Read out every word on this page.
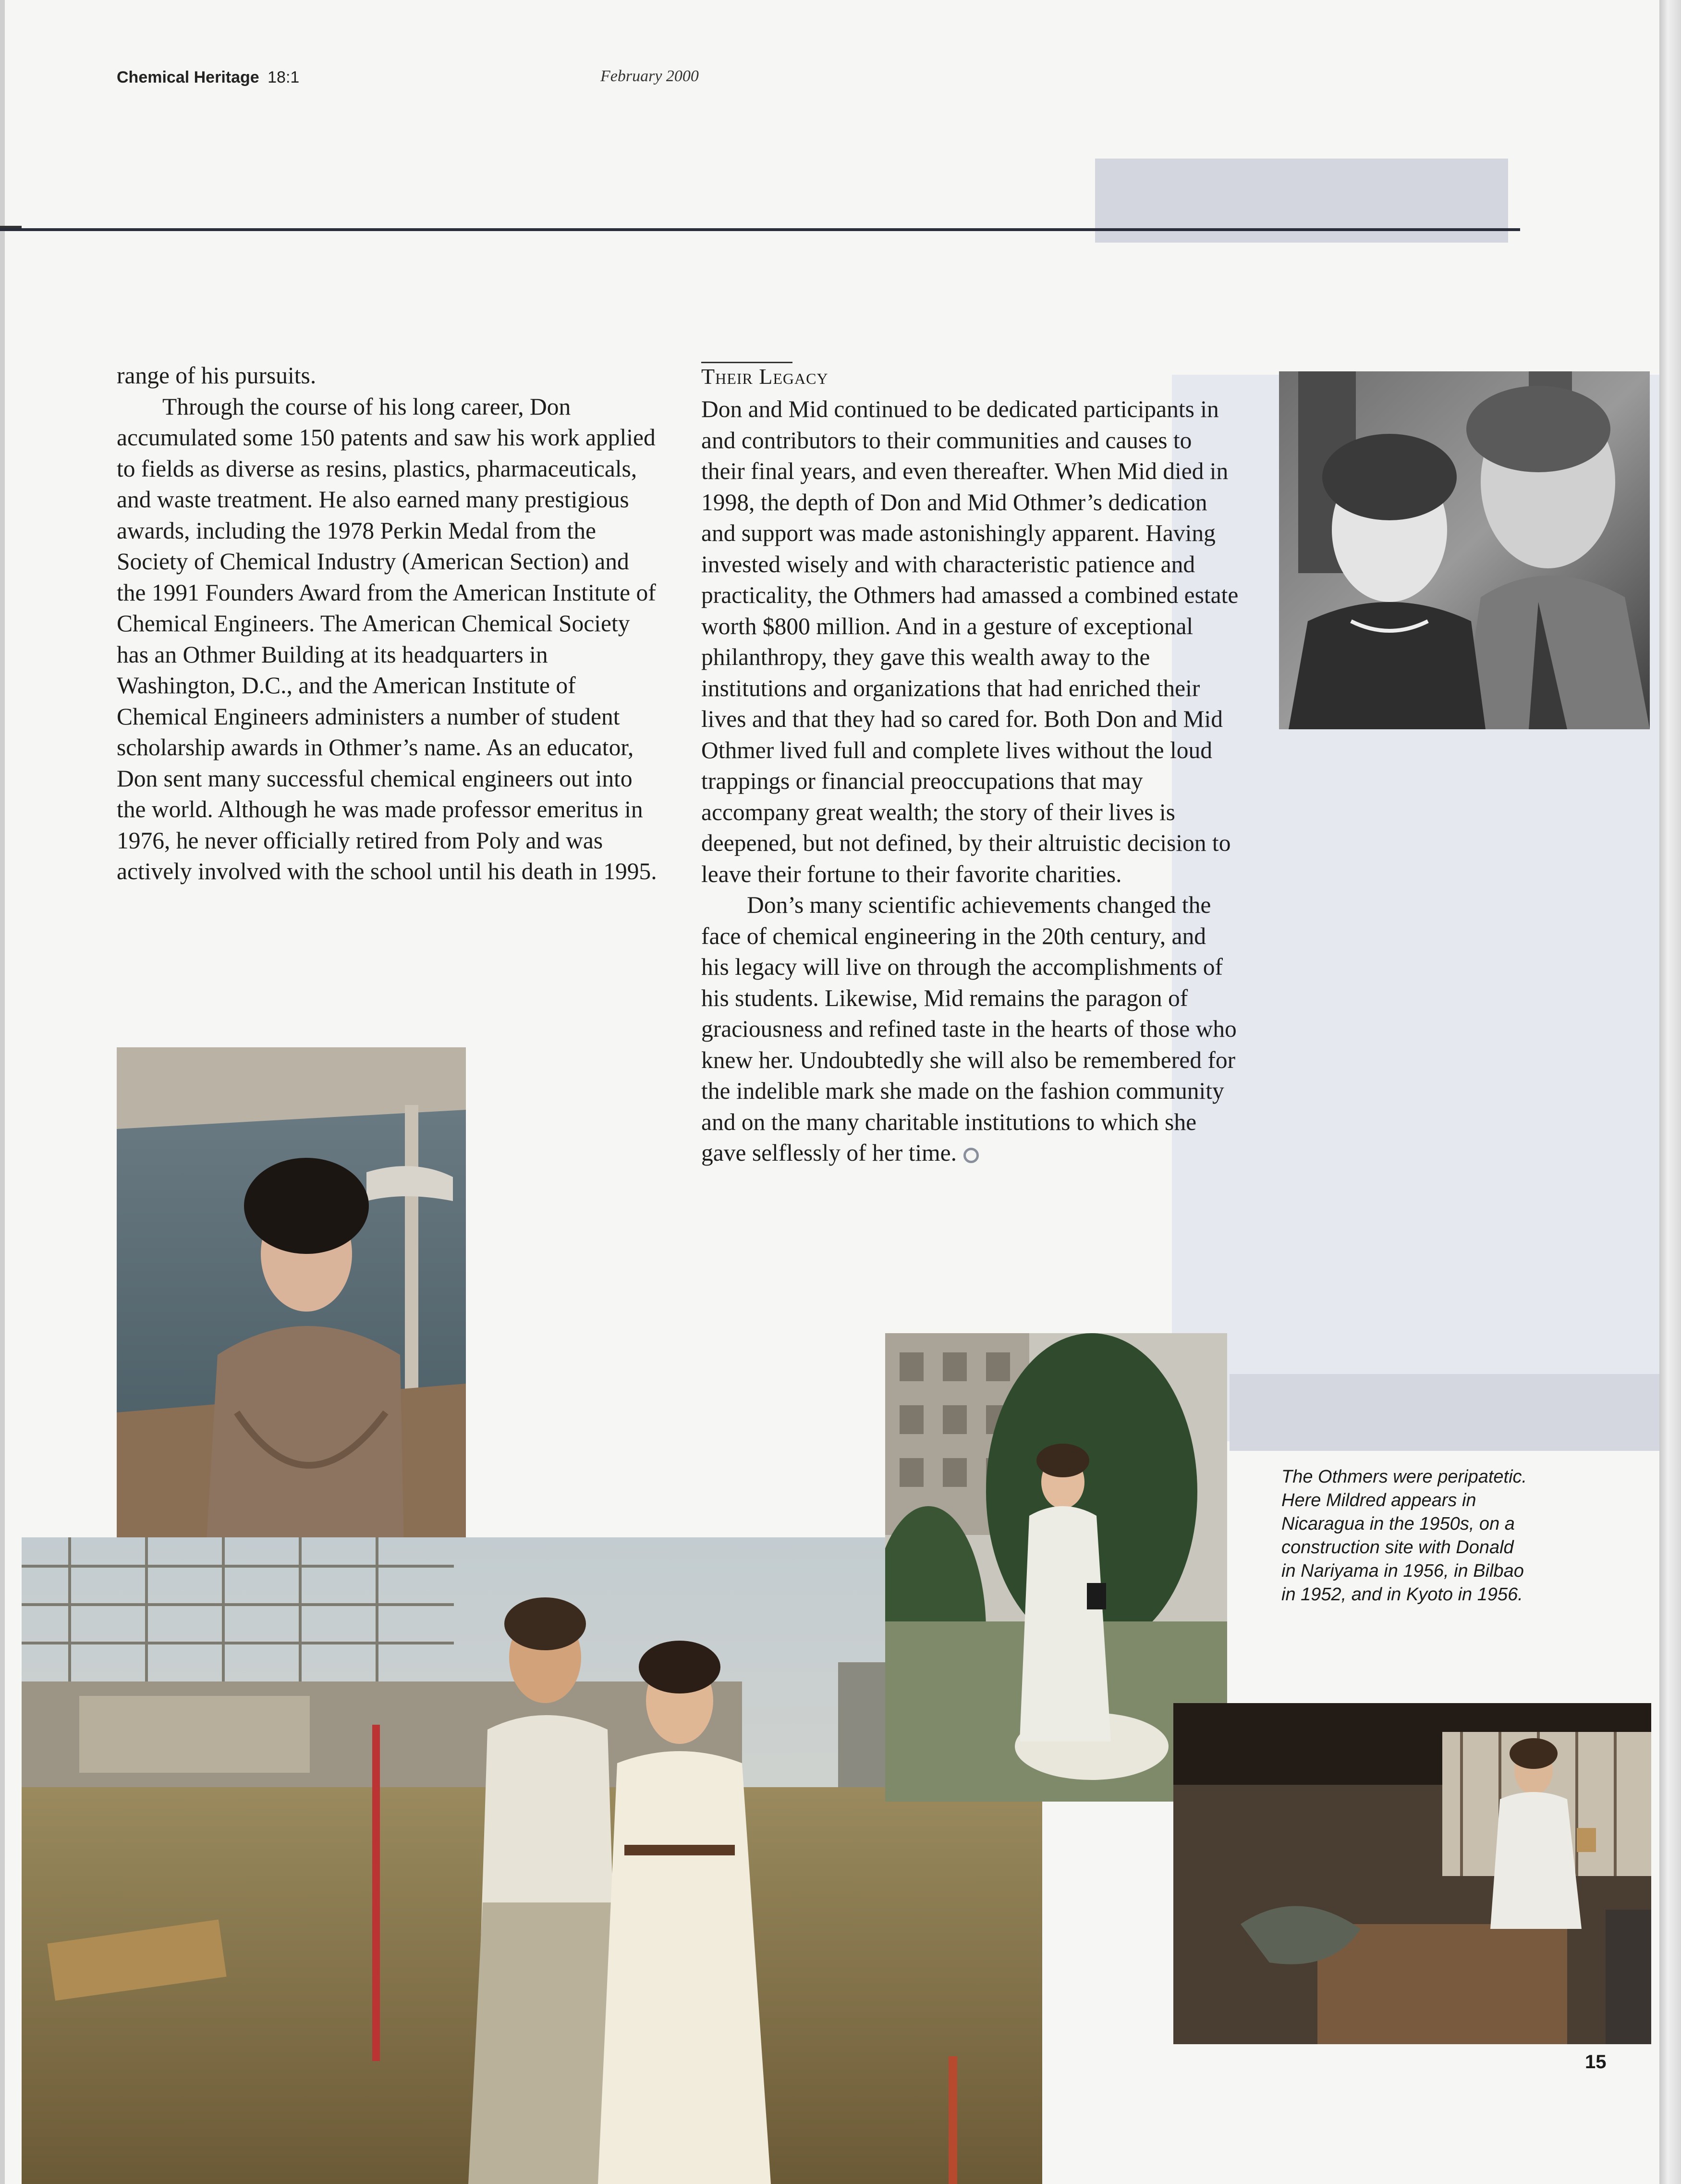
Chemical Heritage 18:1	February 2000

range of his pursuits.

Through the course of his long career, Don accumulated some 150 patents and saw his work applied to fields as diverse as resins, plastics, pharmaceuticals, and waste treatment. He also earned many prestigious awards, including the 1978 Perkin Medal from the Society of Chemical Industry (American Section) and the 1991 Founders Award from the American Institute of Chemical Engineers. The American Chemical Society has an Othmer Building at its headquarters in Washington, D.C., and the American Institute of Chemical Engineers administers a number of student scholarship awards in Othmer’s name. As an educator, Don sent many successful chemical engineers out into the world. Although he was made professor emeritus in 1976, he never officially retired from Poly and was actively involved with the school until his death in 1995.

Their Legacy

Don and Mid continued to be dedicated participants in and contributors to their communities and causes to their final years, and even thereafter. When Mid died in 1998, the depth of Don and Mid Othmer’s dedication and support was made astonishingly apparent. Having invested wisely and with characteristic patience and practicality, the Othmers had amassed a combined estate worth $800 million. And in a gesture of exceptional philanthropy, they gave this wealth away to the institutions and organizations that had enriched their lives and that they had so cared for. Both Don and Mid Othmer lived full and complete lives without the loud trappings or financial preoccupations that may accompany great wealth; the story of their lives is deepened, but not defined, by their altruistic decision to leave their fortune to their favorite charities.

Don’s many scientific achievements changed the face of chemical engineering in the 20th century, and his legacy will live on through the accomplishments of his students. Likewise, Mid remains the paragon of graciousness and refined taste in the hearts of those who knew her. Undoubtedly she will also be remembered for the indelible mark she made on the fashion community and on the many charitable institutions to which she gave selflessly of her time.

The Othmers were peripatetic. Here Mildred appears in Nicaragua in the 1950s, on a construction site with Donald in Nariyama in 1956, in Bilbao in 1952, and in Kyoto in 1956.

15
